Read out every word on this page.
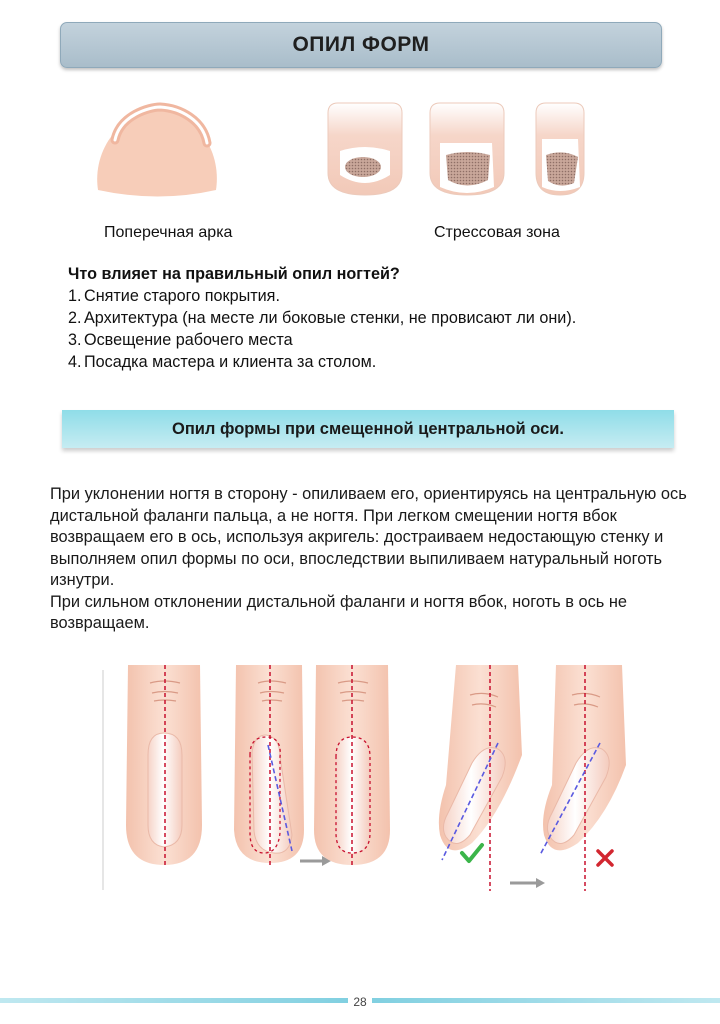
ОПИЛ ФОРМ
Поперечная арка	Стрессовая зона
Что влияет на правильный опил ногтей?
1. Снятие старого покрытия.
2. Архитектура (на месте ли боковые стенки, не провисают ли они).
3. Освещение рабочего места
4. Посадка мастера и клиента за столом.
Опил формы при смещенной центральной оси.

При уклонении ногтя в сторону - опиливаем его, ориентируясь на центральную ось дистальной фаланги пальца, а не ногтя. При легком смещении ногтя вбок возвращаем его в ось, используя акригель: достраиваем недостающую стенку и выполняем опил формы по оси, впоследствии выпиливаем натуральный ноготь изнутри.

При сильном отклонении дистальной фаланги и ногтя вбок, ноготь в ось не возвращаем.

28
